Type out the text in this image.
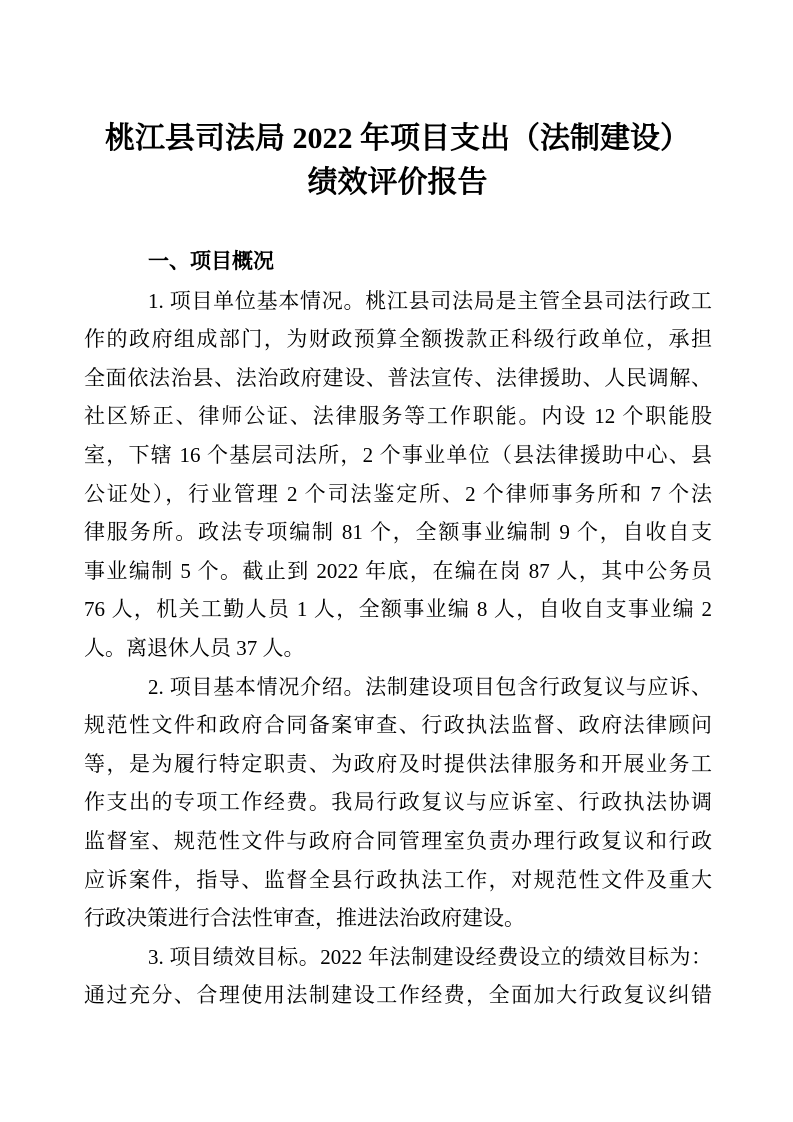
桃江县司法局 2022 年项目支出（法制建设）
绩效评价报告
一、项目概况
1. 项目单位基本情况。桃江县司法局是主管全县司法行政工
作的政府组成部门，为财政预算全额拨款正科级行政单位，承担
全面依法治县、法治政府建设、普法宣传、法律援助、人民调解、
社区矫正、律师公证、法律服务等工作职能。内设 12 个职能股
室，下辖 16 个基层司法所，2 个事业单位（县法律援助中心、县
公证处），行业管理 2 个司法鉴定所、2 个律师事务所和 7 个法
律服务所。政法专项编制 81 个，全额事业编制 9 个，自收自支
事业编制 5 个。截止到 2022 年底，在编在岗 87 人，其中公务员
76 人，机关工勤人员 1 人，全额事业编 8 人，自收自支事业编 2
人。离退休人员 37 人。
2. 项目基本情况介绍。法制建设项目包含行政复议与应诉、
规范性文件和政府合同备案审查、行政执法监督、政府法律顾问
等，是为履行特定职责、为政府及时提供法律服务和开展业务工
作支出的专项工作经费。我局行政复议与应诉室、行政执法协调
监督室、规范性文件与政府合同管理室负责办理行政复议和行政
应诉案件，指导、监督全县行政执法工作，对规范性文件及重大
行政决策进行合法性审查，推进法治政府建设。
3. 项目绩效目标。2022 年法制建设经费设立的绩效目标为：
通过充分、合理使用法制建设工作经费，全面加大行政复议纠错
